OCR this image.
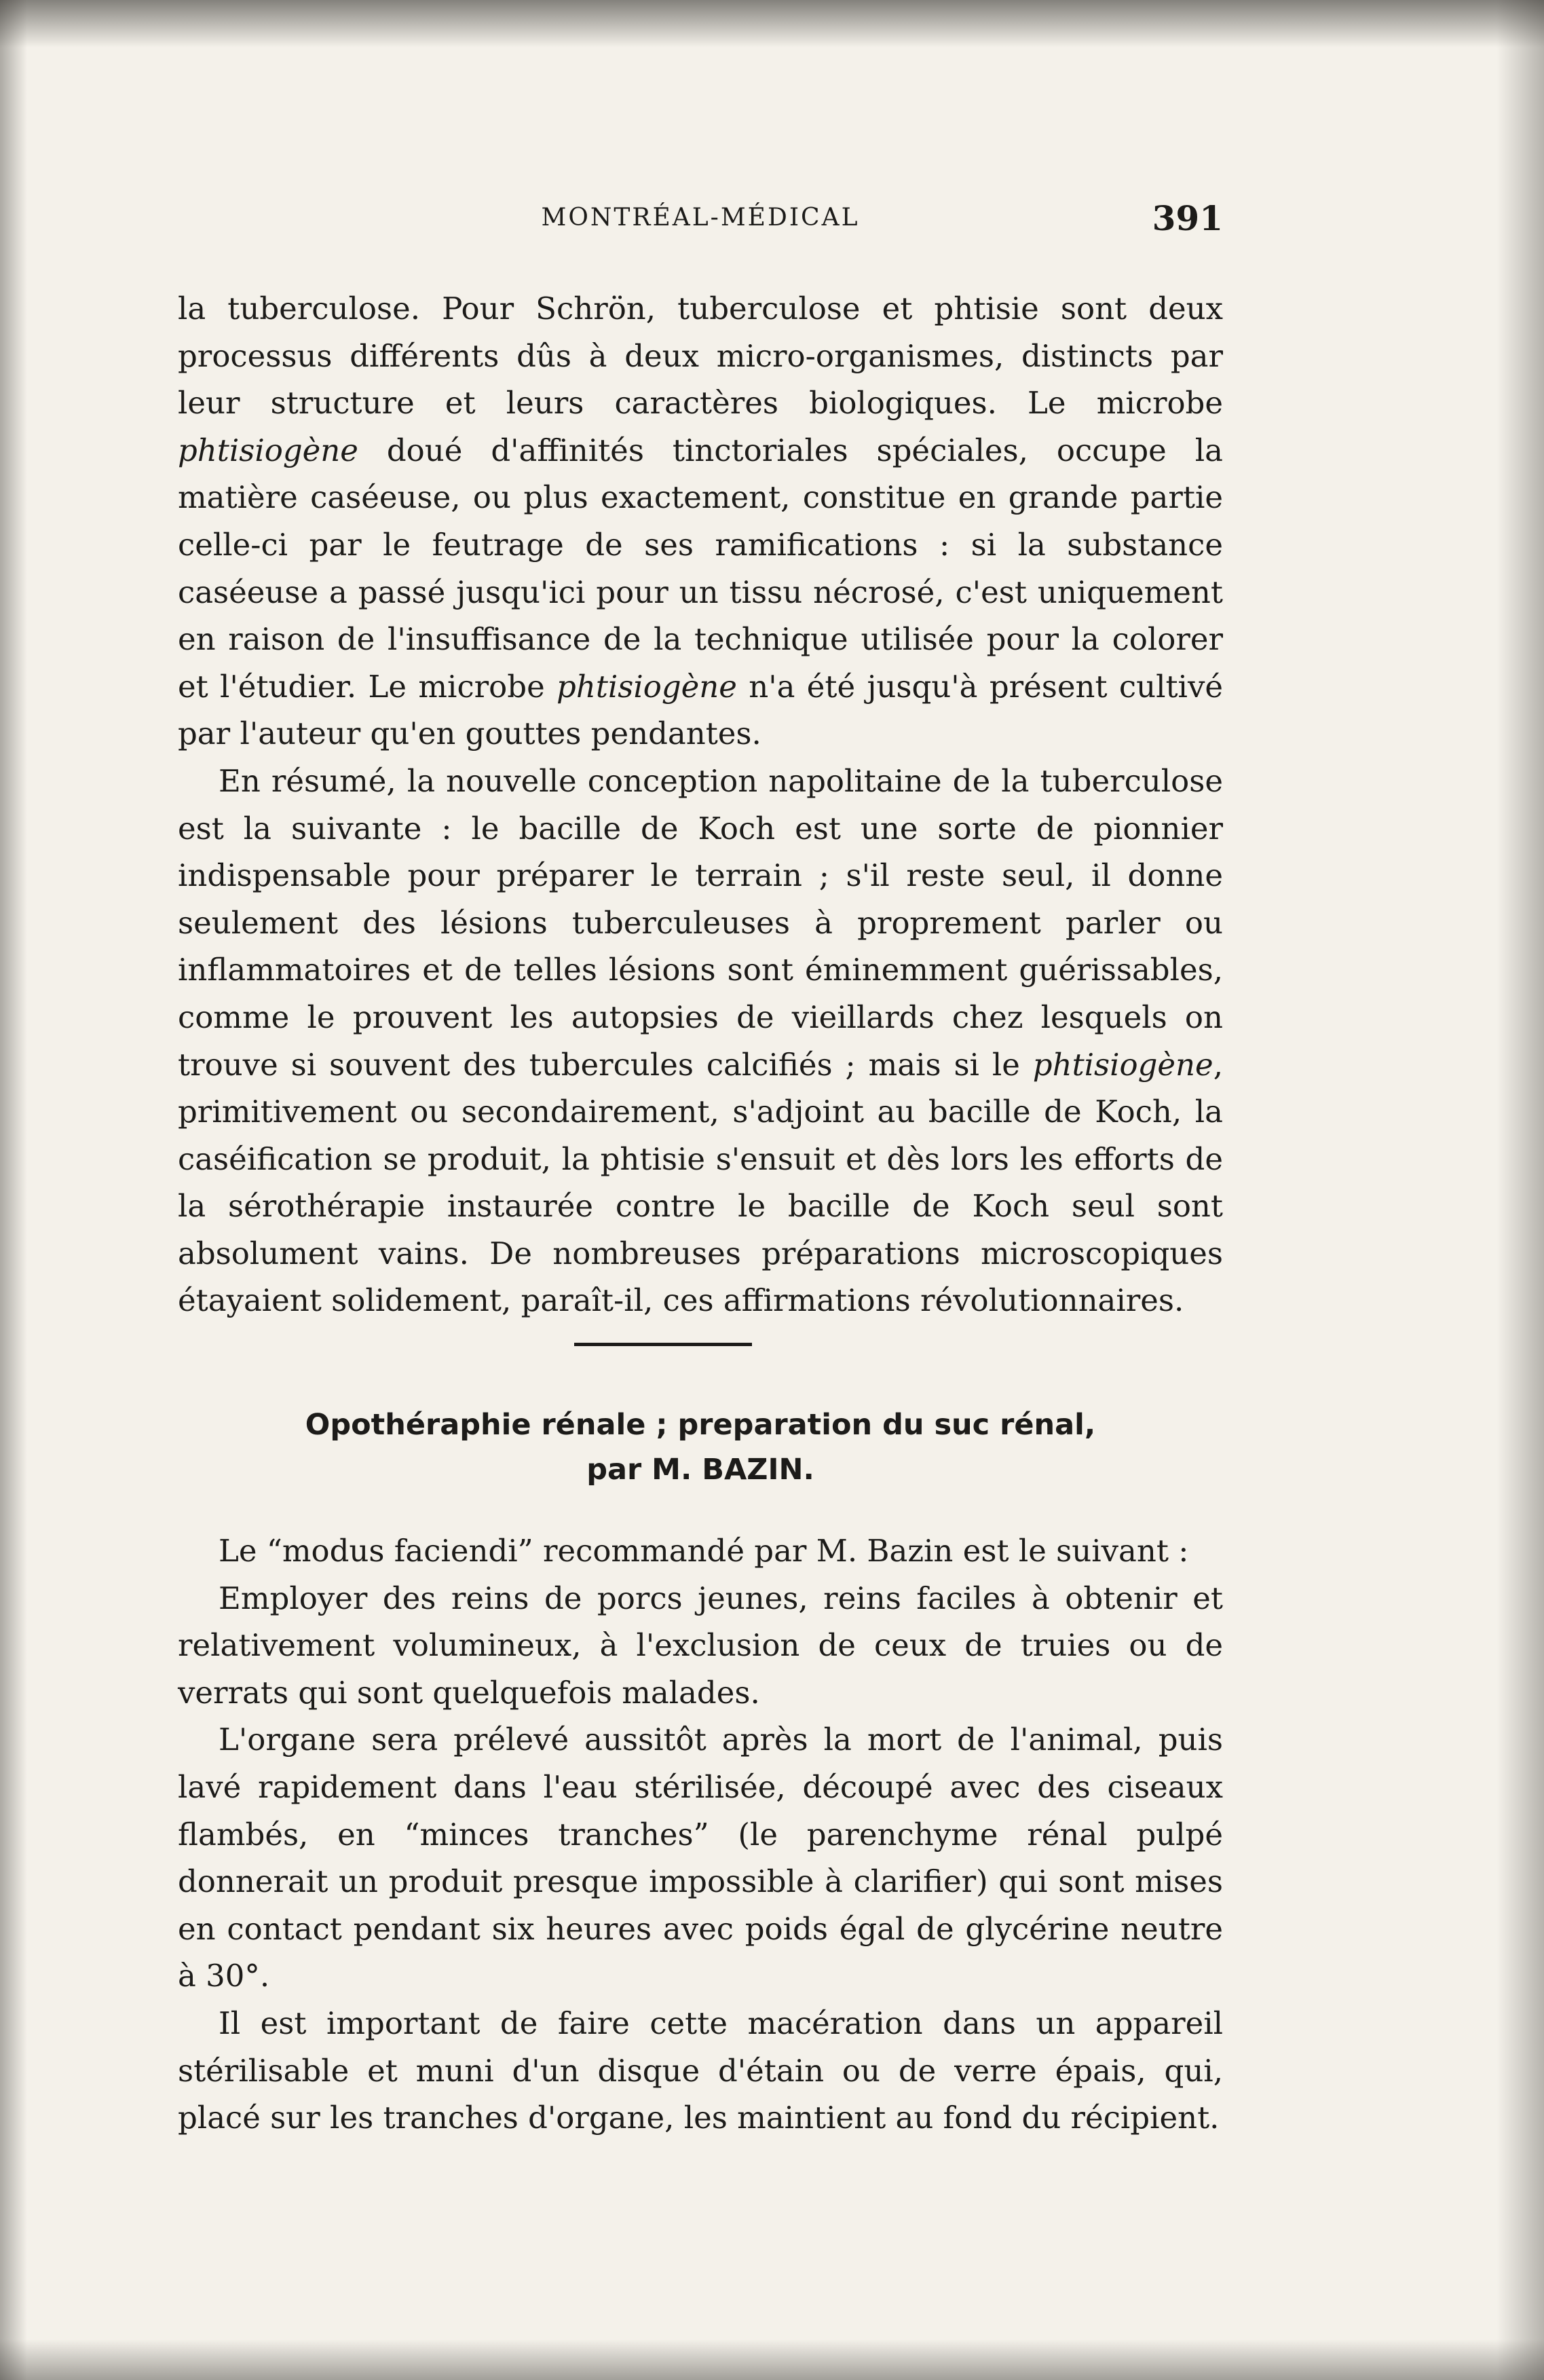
MONTRÉAL-MÉDICAL	391

la tuberculose. Pour Schrön, tuberculose et phtisie sont deux processus différents dûs à deux micro-organismes, distincts par leur structure et leurs caractères biologiques. Le microbe phtisiogène doué d'affinités tinctoriales spéciales, occupe la matière caséeuse, ou plus exactement, constitue en grande partie celle-ci par le feutrage de ses ramifications : si la substance caséeuse a passé jusqu'ici pour un tissu nécrosé, c'est uniquement en raison de l'insuffisance de la technique utilisée pour la colorer et l'étudier. Le microbe phtisiogène n'a été jusqu'à présent cultivé par l'auteur qu'en gouttes pendantes.

En résumé, la nouvelle conception napolitaine de la tuberculose est la suivante : le bacille de Koch est une sorte de pionnier indispensable pour préparer le terrain ; s'il reste seul, il donne seulement des lésions tuberculeuses à proprement parler ou inflammatoires et de telles lésions sont éminemment guérissables, comme le prouvent les autopsies de vieillards chez lesquels on trouve si souvent des tubercules calcifiés ; mais si le phtisiogène, primitivement ou secondairement, s'adjoint au bacille de Koch, la caséification se produit, la phtisie s'ensuit et dès lors les efforts de la sérothérapie instaurée contre le bacille de Koch seul sont absolument vains. De nombreuses préparations microscopiques étayaient solidement, paraît-il, ces affirmations révolutionnaires.

Opothéraphie rénale ; preparation du suc rénal,
par M. BAZIN.

Le “modus faciendi” recommandé par M. Bazin est le suivant :

Employer des reins de porcs jeunes, reins faciles à obtenir et relativement volumineux, à l'exclusion de ceux de truies ou de verrats qui sont quelquefois malades.

L'organe sera prélevé aussitôt après la mort de l'animal, puis lavé rapidement dans l'eau stérilisée, découpé avec des ciseaux flambés, en “minces tranches” (le parenchyme rénal pulpé donnerait un produit presque impossible à clarifier) qui sont mises en contact pendant six heures avec poids égal de glycérine neutre à 30°.

Il est important de faire cette macération dans un appareil stérilisable et muni d'un disque d'étain ou de verre épais, qui, placé sur les tranches d'organe, les maintient au fond du récipient.
